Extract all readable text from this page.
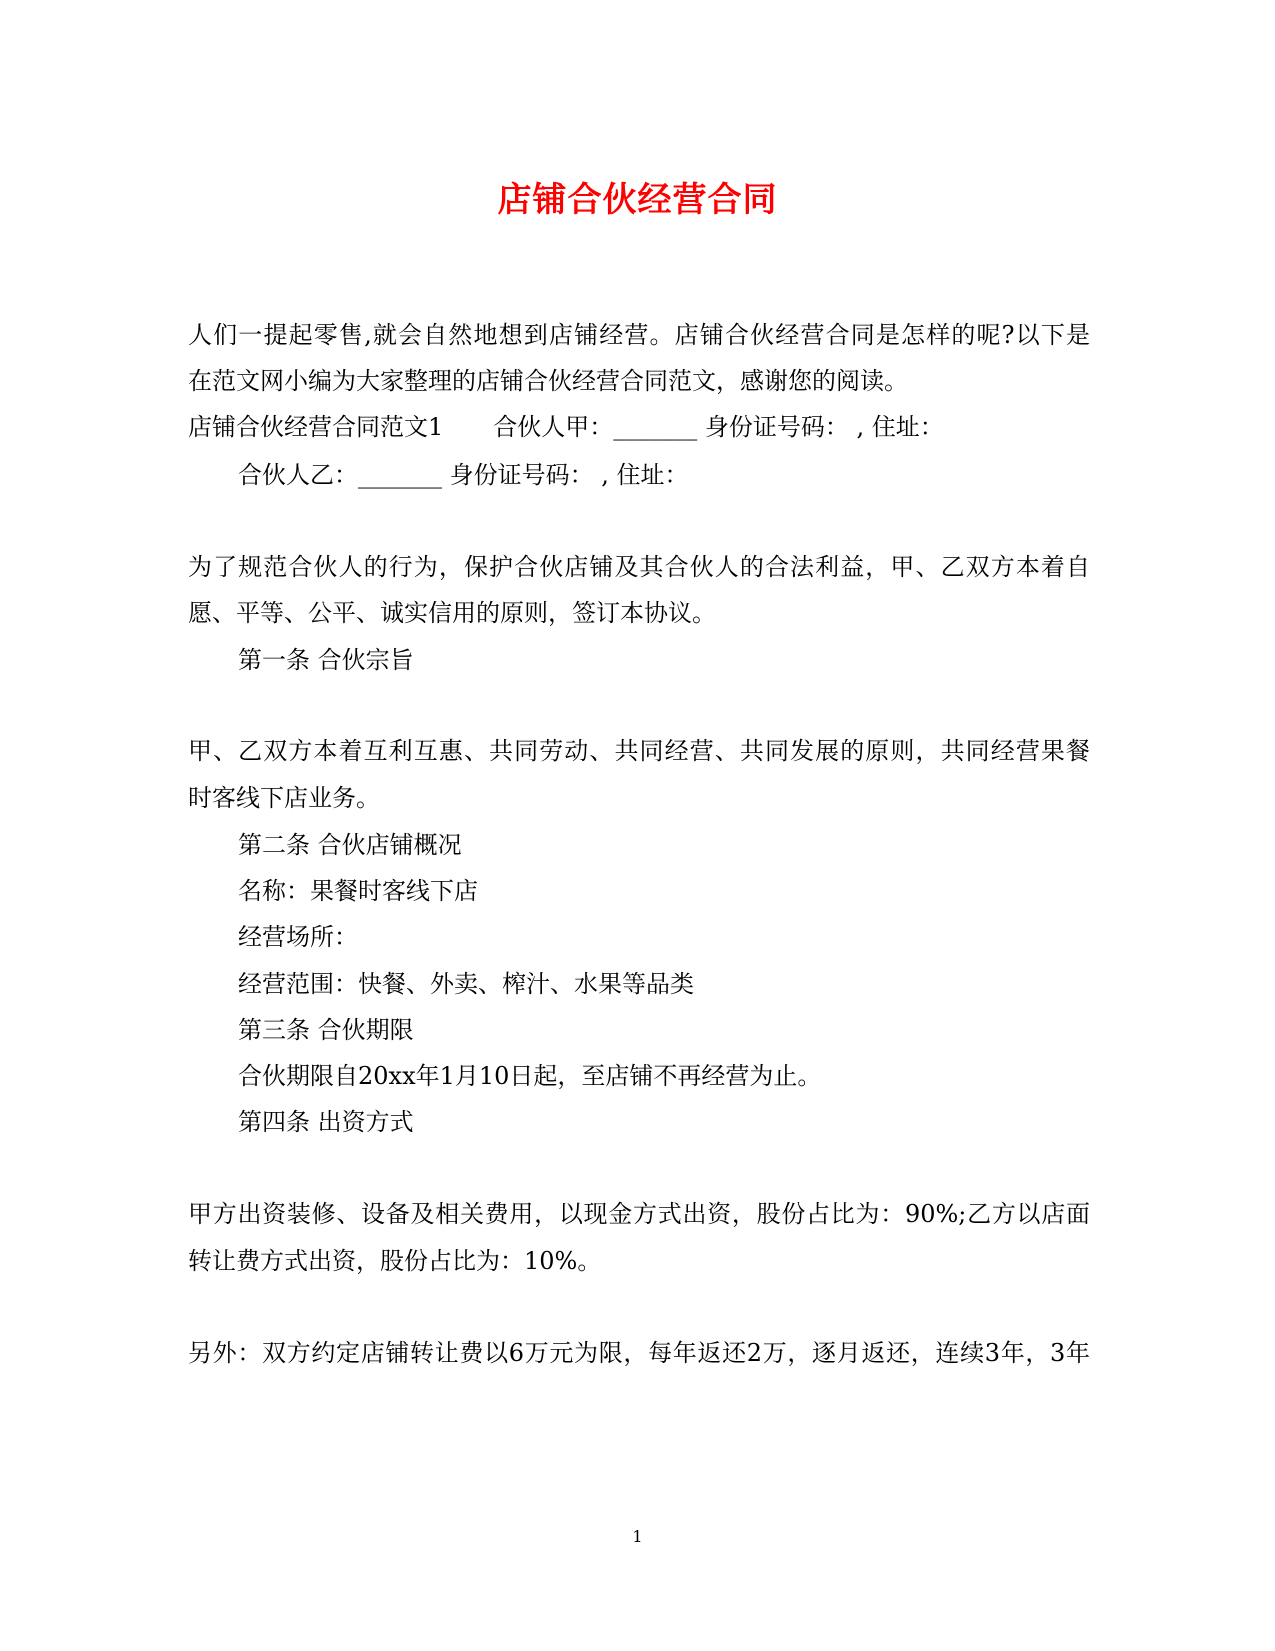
店铺合伙经营合同

人们一提起零售,就会自然地想到店铺经营。店铺合伙经营合同是怎样的呢?以下是

在范文网小编为大家整理的店铺合伙经营合同范文，感谢您的阅读。

店铺合伙经营合同范文1 合伙人甲：_______ 身份证号码： , 住址：

合伙人乙：_______ 身份证号码： , 住址：

为了规范合伙人的行为，保护合伙店铺及其合伙人的合法利益，甲、乙双方本着自

愿、平等、公平、诚实信用的原则，签订本协议。

第一条 合伙宗旨

甲、乙双方本着互利互惠、共同劳动、共同经营、共同发展的原则，共同经营果餐

时客线下店业务。

第二条 合伙店铺概况

名称：果餐时客线下店

经营场所：

经营范围：快餐、外卖、榨汁、水果等品类

第三条 合伙期限

合伙期限自20xx年1月10日起，至店铺不再经营为止。

第四条 出资方式

甲方出资装修、设备及相关费用，以现金方式出资，股份占比为：90%;乙方以店面

转让费方式出资，股份占比为：10%。

另外：双方约定店铺转让费以6万元为限，每年返还2万，逐月返还，连续3年，3年

1
